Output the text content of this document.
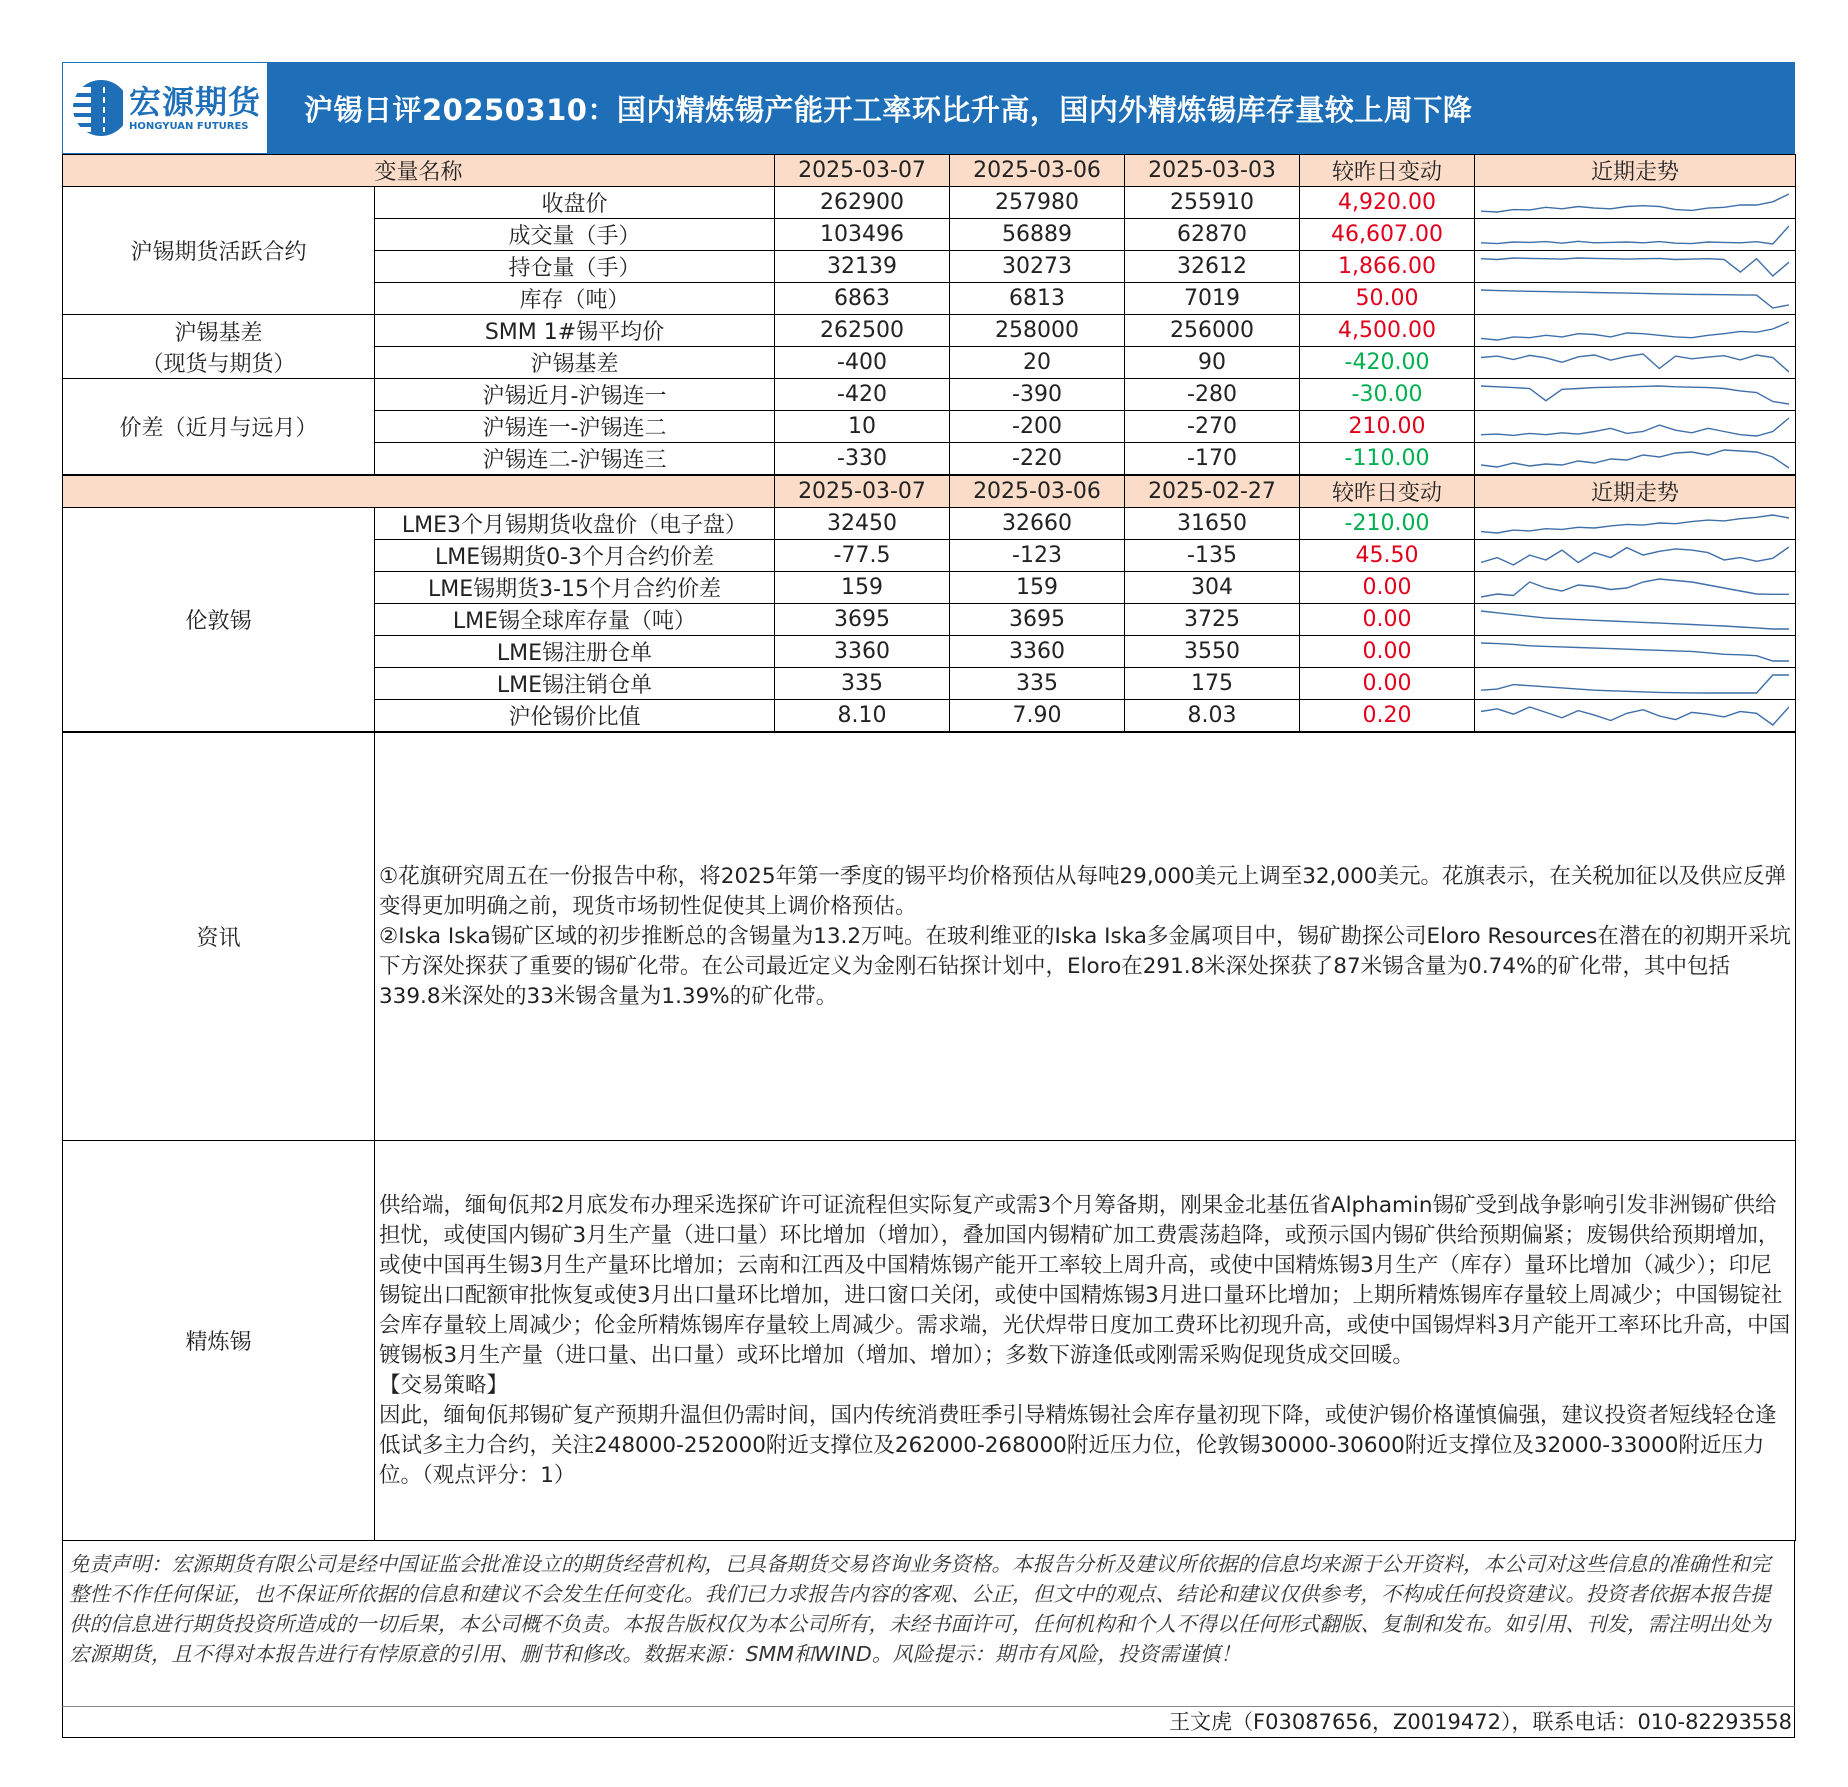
宏源期货
HONGYUAN FUTURES	沪锡日评20250310：国内精炼锡产能开工率环比升高，国内外精炼锡库存量较上周下降
变量名称		2025-03-07	2025-03-06	2025-03-03	较昨日变动	近期走势

沪锡期货活跃合约	收盘价	262900	257980	255910	4,920.00	

	成交量（手）	103496	56889	62870	46,607.00	

	持仓量（手）	32139	30273	32612	1,866.00	

	库存（吨）	6863	6813	7019	50.00	

沪锡基差
（现货与期货）	SMM 1#锡平均价	262500	258000	256000	4,500.00	

	沪锡基差	-400	20	90	-420.00	

价差（近月与远月）	沪锡近月-沪锡连一	-420	-390	-280	-30.00	

	沪锡连一-沪锡连二	10	-200	-270	210.00	

	沪锡连二-沪锡连三	-330	-220	-170	-110.00	
		2025-03-07	2025-03-06	2025-02-27	较昨日变动	近期走势

伦敦锡	LME3个月锡期货收盘价（电子盘）	32450	32660	31650	-210.00	

	LME锡期货0-3个月合约价差	-77.5	-123	-135	45.50	

	LME锡期货3-15个月合约价差	159	159	304	0.00	

	LME锡全球库存量（吨）	3695	3695	3725	0.00	

	LME锡注册仓单	3360	3360	3550	0.00	

	LME锡注销仓单	335	335	175	0.00	

	沪伦锡价比值	8.10	7.90	8.03	0.20	
资讯	①花旗研究周五在一份报告中称，将2025年第一季度的锡平均价格预估从每吨29,000美元上调至32,000美元。花旗表示，在关税加征以及供应反弹变得更加明确之前，现货市场韧性促使其上调价格预估。
②Iska Iska锡矿区域的初步推断总的含锡量为13.2万吨。在玻利维亚的Iska Iska多金属项目中，锡矿勘探公司Eloro Resources在潜在的初期开采坑下方深处探获了重要的锡矿化带。在公司最近定义为金刚石钻探计划中，Eloro在291.8米深处探获了87米锡含量为0.74%的矿化带，其中包括339.8米深处的33米锡含量为1.39%的矿化带。

精炼锡	供给端，缅甸佤邦2月底发布办理采选探矿许可证流程但实际复产或需3个月筹备期，刚果金北基伍省Alphamin锡矿受到战争影响引发非洲锡矿供给担忧，或使国内锡矿3月生产量（进口量）环比增加（增加），叠加国内锡精矿加工费震荡趋降，或预示国内锡矿供给预期偏紧；废锡供给预期增加，或使中国再生锡3月生产量环比增加；云南和江西及中国精炼锡产能开工率较上周升高，或使中国精炼锡3月生产（库存）量环比增加（减少）；印尼锡锭出口配额审批恢复或使3月出口量环比增加，进口窗口关闭，或使中国精炼锡3月进口量环比增加；上期所精炼锡库存量较上周减少；中国锡锭社会库存量较上周减少；伦金所精炼锡库存量较上周减少。需求端，光伏焊带日度加工费环比初现升高，或使中国锡焊料3月产能开工率环比升高，中国镀锡板3月生产量（进口量、出口量）或环比增加（增加、增加）；多数下游逢低或刚需采购促现货成交回暖。
【交易策略】
因此，缅甸佤邦锡矿复产预期升温但仍需时间，国内传统消费旺季引导精炼锡社会库存量初现下降，或使沪锡价格谨慎偏强，建议投资者短线轻仓逢低试多主力合约，关注248000-252000附近支撑位及262000-268000附近压力位，伦敦锡30000-30600附近支撑位及32000-33000附近压力位。（观点评分：1）
免责声明：宏源期货有限公司是经中国证监会批准设立的期货经营机构，已具备期货交易咨询业务资格。本报告分析及建议所依据的信息均来源于公开资料，本公司对这些信息的准确性和完整性不作任何保证，也不保证所依据的信息和建议不会发生任何变化。我们已力求报告内容的客观、公正，但文中的观点、结论和建议仅供参考，不构成任何投资建议。投资者依据本报告提供的信息进行期货投资所造成的一切后果，本公司概不负责。本报告版权仅为本公司所有，未经书面许可，任何机构和个人不得以任何形式翻版、复制和发布。如引用、刊发，需注明出处为宏源期货，且不得对本报告进行有悖原意的引用、删节和修改。数据来源：SMM和WIND。风险提示：期市有风险，投资需谨慎！
王文虎（F03087656，Z0019472），联系电话：010-82293558
